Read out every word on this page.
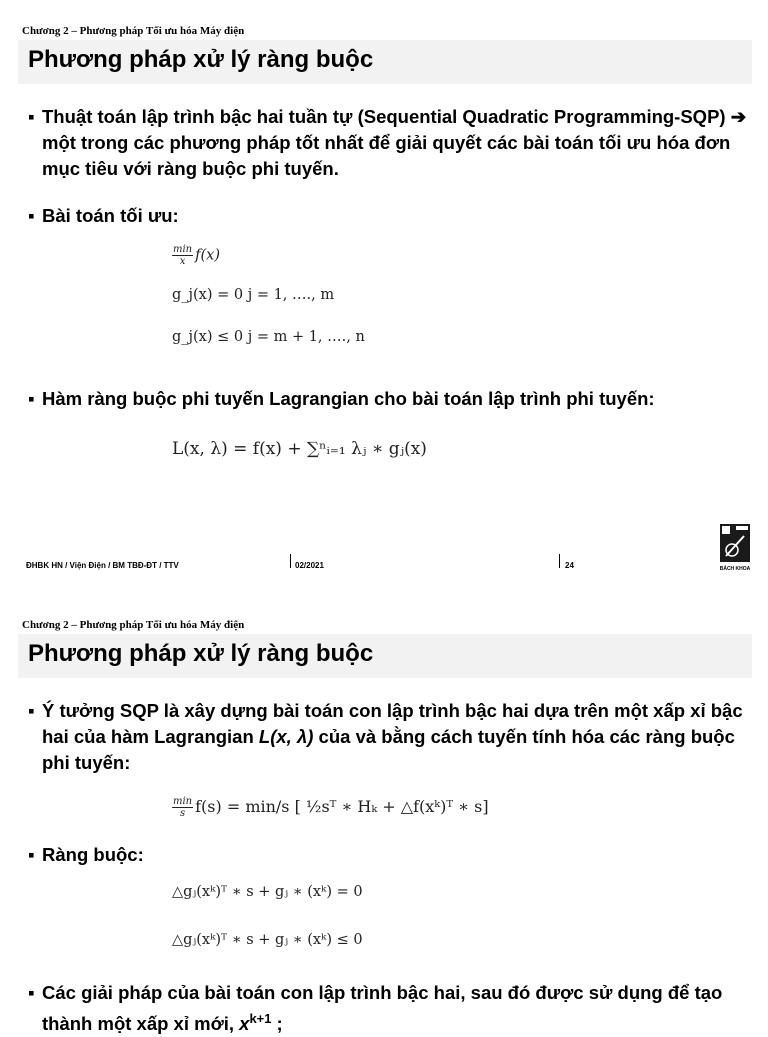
Chương 2 – Phương pháp Tối ưu hóa Máy điện
Phương pháp xử lý ràng buộc
▪ Thuật toán lập trình bậc hai tuần tự (Sequential Quadratic Programming-SQP) ➔ một trong các phương pháp tốt nhất để giải quyết các bài toán tối ưu hóa đơn mục tiêu với ràng buộc phi tuyến.
▪ Bài toán tối ưu:
$\frac{\min}{x} f(x)$
g_j(x) = 0 j = 1, …., m
g_j(x) ≤ 0 j = m + 1, …., n
▪ Hàm ràng buộc phi tuyến Lagrangian cho bài toán lập trình phi tuyến:
L(x, λ) = f(x) + ∑ⁿᵢ₌₁ λⱼ ∗ gⱼ(x)
ĐHBK HN / Viện Điện / BM TBĐ-ĐT / TTV	02/2021	24	BÁCH KHOA
Chương 2 – Phương pháp Tối ưu hóa Máy điện
Phương pháp xử lý ràng buộc
▪ Ý tưởng SQP là xây dựng bài toán con lập trình bậc hai dựa trên một xấp xỉ bậc hai của hàm Lagrangian L(x, λ) của và bằng cách tuyến tính hóa các ràng buộc phi tuyến:
$\frac{\min}{s} f(s) = \min/s$ [ ½sᵀ ∗ Hₖ + △f(xᵏ)ᵀ ∗ s]
▪ Ràng buộc:
△gⱼ(xᵏ)ᵀ ∗ s + gⱼ ∗ (xᵏ) = 0
△gⱼ(xᵏ)ᵀ ∗ s + gⱼ ∗ (xᵏ) ≤ 0
▪ Các giải pháp của bài toán con lập trình bậc hai, sau đó được sử dụng để tạo thành một xấp xỉ mới, $x^{k+1}$ ;
